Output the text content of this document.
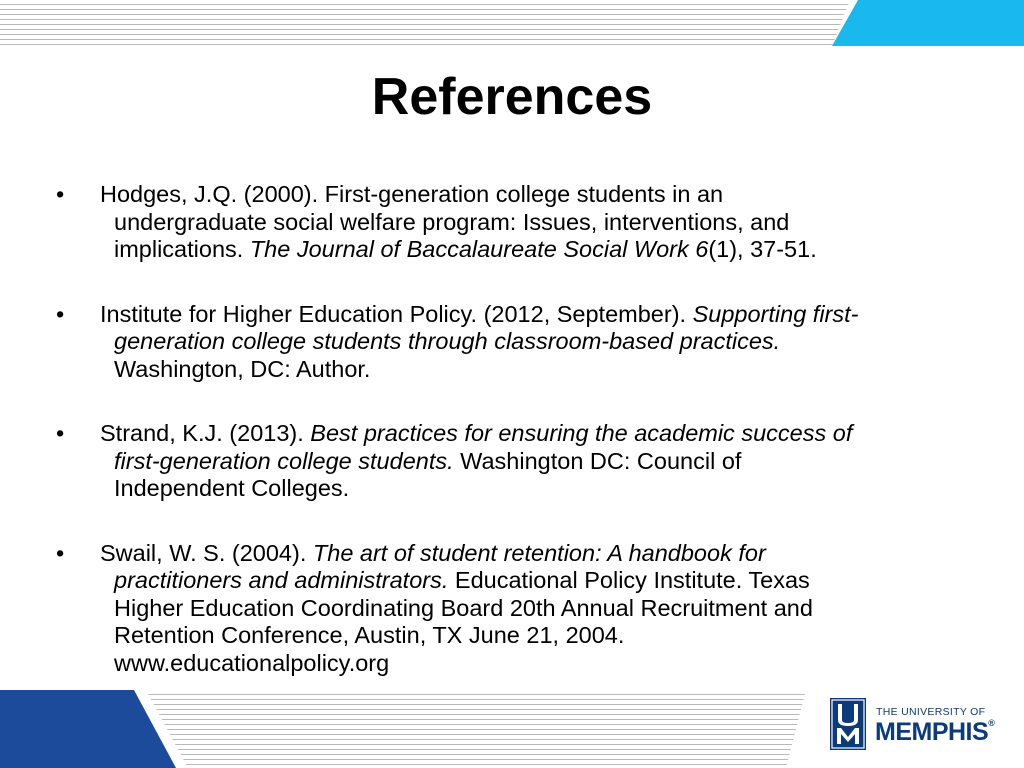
References
•	Hodges, J.Q. (2000). First-generation college students in an
undergraduate social welfare program: Issues, interventions, and
implications. The Journal of Baccalaureate Social Work 6(1), 37-51.
•	Institute for Higher Education Policy. (2012, September). Supporting first-
generation college students through classroom-based practices.
Washington, DC: Author.
•	Strand, K.J. (2013). Best practices for ensuring the academic success of
first-generation college students. Washington DC: Council of
Independent Colleges.
•	Swail, W. S. (2004). The art of student retention: A handbook for
practitioners and administrators. Educational Policy Institute. Texas
Higher Education Coordinating Board 20th Annual Recruitment and
Retention Conference, Austin, TX June 21, 2004.
www.educationalpolicy.org
THE UNIVERSITY OF
MEMPHIS®
